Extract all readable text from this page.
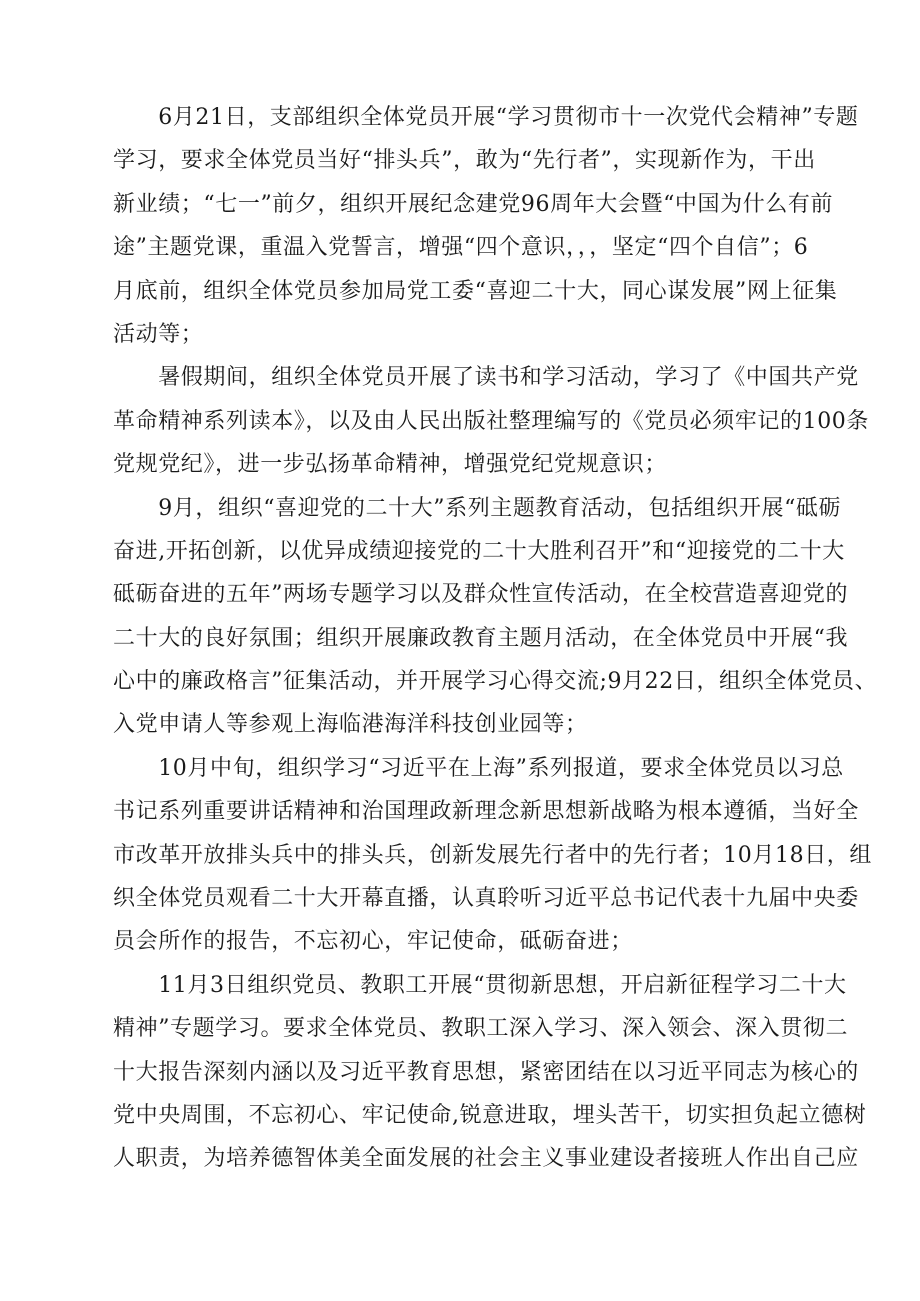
　　6月21日，支部组织全体党员开展“学习贯彻市十一次党代会精神”专题
学习，要求全体党员当好“排头兵”，敢为“先行者”，实现新作为，干出
新业绩；“七一”前夕，组织开展纪念建党96周年大会暨“中国为什么有前
途”主题党课，重温入党誓言，增强“四个意识，，，坚定“四个自信”；6
月底前，组织全体党员参加局党工委“喜迎二十大，同心谋发展”网上征集
活动等；
　　暑假期间，组织全体党员开展了读书和学习活动，学习了《中国共产党
革命精神系列读本》，以及由人民出版社整理编写的《党员必须牢记的100条
党规党纪》，进一步弘扬革命精神，增强党纪党规意识；
　　9月，组织“喜迎党的二十大”系列主题教育活动，包括组织开展“砥砺
奋进,开拓创新，以优异成绩迎接党的二十大胜利召开”和“迎接党的二十大
砥砺奋进的五年”两场专题学习以及群众性宣传活动，在全校营造喜迎党的
二十大的良好氛围；组织开展廉政教育主题月活动，在全体党员中开展“我
心中的廉政格言”征集活动，并开展学习心得交流;9月22日，组织全体党员、
入党申请人等参观上海临港海洋科技创业园等；
　　10月中旬，组织学习“习近平在上海”系列报道，要求全体党员以习总
书记系列重要讲话精神和治国理政新理念新思想新战略为根本遵循，当好全
市改革开放排头兵中的排头兵，创新发展先行者中的先行者；10月18日，组
织全体党员观看二十大开幕直播，认真聆听习近平总书记代表十九届中央委
员会所作的报告，不忘初心，牢记使命，砥砺奋进；
　　11月3日组织党员、教职工开展“贯彻新思想，开启新征程学习二十大
精神”专题学习。要求全体党员、教职工深入学习、深入领会、深入贯彻二
十大报告深刻内涵以及习近平教育思想，紧密团结在以习近平同志为核心的
党中央周围，不忘初心、牢记使命,锐意进取，埋头苦干，切实担负起立德树
人职责，为培养德智体美全面发展的社会主义事业建设者接班人作出自己应
